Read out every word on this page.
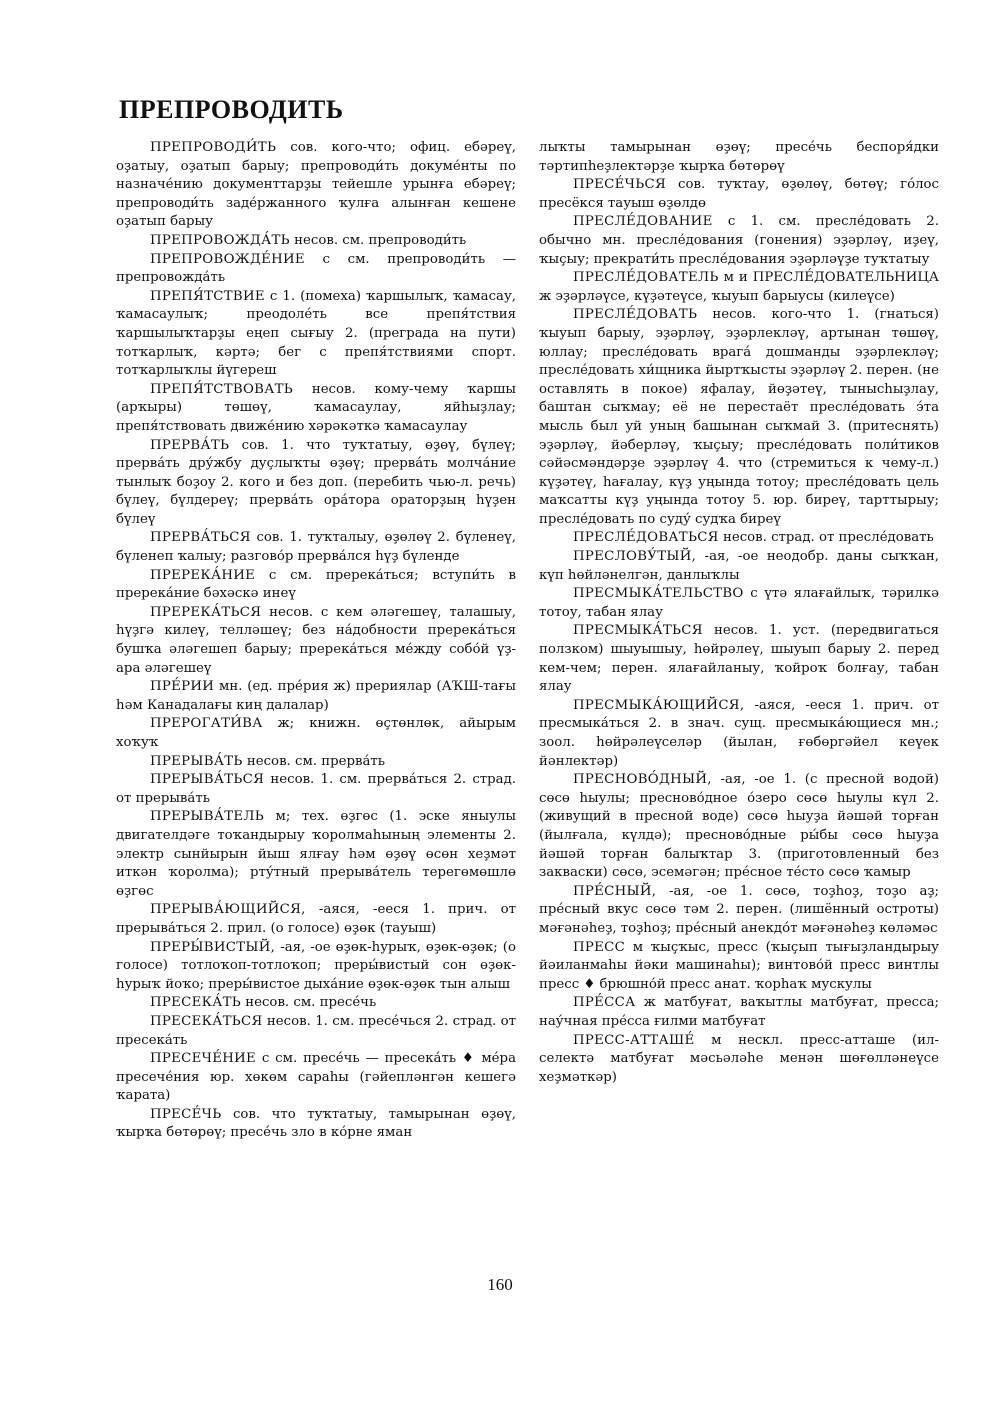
ПРЕПРОВОДИТЬ

ПРЕПРОВОДИ́ТЬ сов. кого-что; офиц. ебәреү, оҙатыу, оҙатып барыу; препроводи́ть докуме́нты по назначе́нию документтарҙы тейешле урынға ебәреү; препроводи́ть заде́ржанного ҡулға алынған кешене оҙатып барыу

ПРЕПРОВОЖДА́ТЬ несов. см. препроводи́ть

ПРЕПРОВОЖДЕ́НИЕ с см. препроводи́ть — препровожда́ть

ПРЕПЯ́ТСТВИЕ с 1. (помеха) ҡаршылыҡ, ҡамасау, ҡамасаулыҡ; преодоле́ть все препя́тствия ҡаршылыҡтарҙы еңеп сығыу 2. (преграда на пути) тотҡарлыҡ, кәртә; бег с препя́тствиями спорт. тотҡарлыҡлы йүгереш

ПРЕПЯ́ТСТВОВАТЬ несов. кому-чему ҡаршы (арҡыры) төшөү, ҡамасаулау, яйһыҙлау; препя́тствовать движе́нию хәрәкәткә ҡамасаулау

ПРЕРВА́ТЬ сов. 1. что туҡтатыу, өҙөү, бүлеү; прерва́ть дру́жбу дуҫлыҡты өҙөү; прерва́ть молча́ние тынлыҡ боҙоу 2. кого и без доп. (перебить чью-л. речь) бүлеү, бүлдереү; прерва́ть ора́тора ораторҙың һүҙен бүлеү

ПРЕРВА́ТЬСЯ сов. 1. туҡталыу, өҙөлөү 2. бүленеү, бүленеп ҡалыу; разгово́р прерва́лся һүҙ бүленде

ПРЕРЕКА́НИЕ с см. пререка́ться; вступи́ть в пререка́ние бәхәскә инеү

ПРЕРЕКА́ТЬСЯ несов. с кем әләгешеү, талашыу, һүҙгә килеү, телләшеү; без на́добности пререка́ться бушҡа әләгешеп барыу; пререка́ться ме́жду собо́й үҙ-ара әләгешеү

ПРЕ́РИИ мн. (ед. пре́рия ж) прериялар (АҠШ-тағы һәм Канадалағы киң далалар)

ПРЕРОГАТИ́ВА ж; книжн. өҫтөнлөк, айырым хоҡуҡ

ПРЕРЫВА́ТЬ несов. см. прерва́ть

ПРЕРЫВА́ТЬСЯ несов. 1. см. прерва́ться 2. страд. от прерыва́ть

ПРЕРЫВА́ТЕЛЬ м; тех. өҙгөс (1. эске яныулы двигателдәге тоҡандырыу ҡоролмаһының элементы 2. электр сынйырын йыш ялғау һәм өҙөү өсөн хеҙмәт иткән ҡоролма); рту́тный прерыва́тель терегөмөшлө өҙгөс

ПРЕРЫВА́ЮЩИЙСЯ, -аяся, -ееся 1. прич. от прерыва́ться 2. прил. (о голосе) өҙөк (тауыш)

ПРЕРЫ́ВИСТЫЙ, -ая, -ое өҙөк-һурыҡ, өҙөк-өҙөк; (о голосе) тотлоҡоп-тотлоҡоп; преры́вистый сон өҙөк-һурыҡ йоҡо; преры́вистое дыха́ние өҙөк-өҙөк тын алыш

ПРЕСЕКА́ТЬ несов. см. пресе́чь

ПРЕСЕКА́ТЬСЯ несов. 1. см. пресе́чься 2. страд. от пресека́ть

ПРЕСЕЧЕ́НИЕ с см. пресе́чь — пресека́ть ♦ ме́ра пресече́ния юр. хөкөм сараһы (гәйепләнгән кешегә ҡарата)

ПРЕСЕ́ЧЬ сов. что туҡтатыу, тамырынан өҙөү, ҡырҡа бөтөрөү; пресе́чь зло в ко́рне яман

лыҡты тамырынан өҙөү; пресе́чь беспоря́дки тәртипһеҙлектәрҙе ҡырҡа бөтөрөү

ПРЕСЕ́ЧЬСЯ сов. туҡтау, өҙөлөү, бөтөү; го́лос пресёкся тауыш өҙөлдө

ПРЕСЛЕ́ДОВАНИЕ с 1. см. пресле́довать 2. обычно мн. пресле́дования (гонения) эҙәрләү, иҙеү, ҡыҫыу; прекрати́ть пресле́дования эҙәрләүҙе туҡтатыу

ПРЕСЛЕ́ДОВАТЕЛЬ м и ПРЕСЛЕ́ДОВАТЕЛЬНИЦА ж эҙәрләүсе, күҙәтеүсе, ҡыуып барыусы (килеүсе)

ПРЕСЛЕ́ДОВАТЬ несов. кого-что 1. (гнаться) ҡыуып барыу, эҙәрләү, эҙәрлекләү, артынан төшөү, юллау; пресле́довать врага́ дошманды эҙәрлекләү; пресле́довать хи́щника йыртҡысты эҙәрләү 2. перен. (не оставлять в покое) яфалау, йөҙәтеү, тынысһыҙлау, баштан сыҡмау; её не перестаёт пресле́довать э́та мысль был уй уның башынан сыҡмай 3. (притеснять) эҙәрләү, йәберләү, ҡыҫыу; пресле́довать поли́тиков сәйәсмәндәрҙе эҙәрләү 4. что (стремиться к чему-л.) күҙәтеү, һағалау, күҙ уңында тотоу; пресле́довать цель маҡсатты күҙ уңында тотоу 5. юр. биреү, тарттырыу; пресле́довать по суду́ судҡа биреү

ПРЕСЛЕ́ДОВАТЬСЯ несов. страд. от пресле́довать

ПРЕСЛОВУ́ТЫЙ, -ая, -ое неодобр. даны сыҡҡан, күп һөйләнелгән, данлыҡлы

ПРЕСМЫКА́ТЕЛЬСТВО с үтә ялағайлыҡ, тәрилкә тотоу, табан ялау

ПРЕСМЫКА́ТЬСЯ несов. 1. уст. (передвигаться ползком) шыуышыу, һөйрәлеү, шыуып барыу 2. перед кем-чем; перен. ялағайланыу, ҡойроҡ болғау, табан ялау

ПРЕСМЫКА́ЮЩИЙСЯ, -аяся, -ееся 1. прич. от пресмыка́ться 2. в знач. сущ. пресмыка́ющиеся мн.; зоол. һөйрәлеүселәр (йылан, ғөбөргәйел кеүек йәнлектәр)

ПРЕСНОВО́ДНЫЙ, -ая, -ое 1. (с пресной водой) сөсө һыулы; пресново́дное о́зеро сөсө һыулы күл 2. (живущий в пресной воде) сөсө һыуҙа йәшәй торған (йылғала, күлдә); пресново́дные ры́бы сөсө һыуҙа йәшәй торған балыҡтар 3. (приготовленный без закваски) сөсө, эсемәгән; пре́сное те́сто сөсө ҡамыр

ПРЕ́СНЫЙ, -ая, -ое 1. сөсө, тоҙһоҙ, тоҙо аҙ; пре́сный вкус сөсө тәм 2. перен. (лишённый остроты) мәғәнәһеҙ, тоҙһоҙ; пре́сный анекдо́т мәғәнәһеҙ көләмәс

ПРЕСС м ҡыҫҡыс, пресс (ҡыҫып тығыҙландырыу йәиланмаһы йәки машинаһы); винтово́й пресс винтлы пресс ♦ брюшно́й пресс анат. ҡорһаҡ мускулы

ПРЕ́ССА ж матбуғат, ваҡытлы матбуғат, пресса; нау́чная пре́сса ғилми матбуғат

ПРЕСС-АТТАШЕ́ м нескл. пресс-атташе (илселектә матбуғат мәсьәләһе менән шөғөлләнеүсе хеҙмәткәр)

160
